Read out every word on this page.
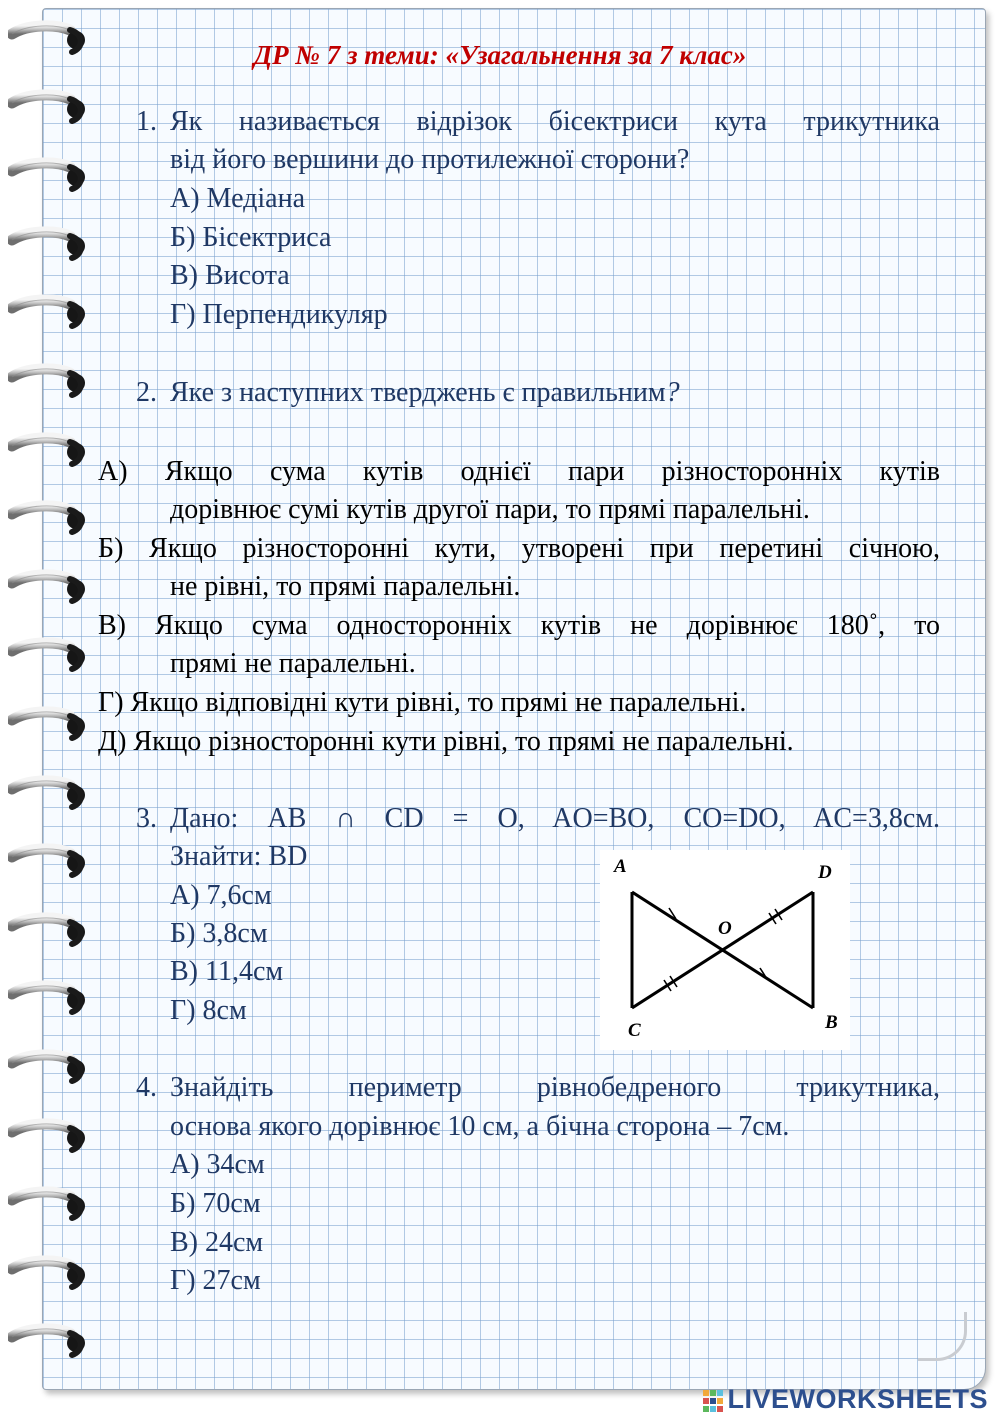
ДР № 7 з теми: «Узагальнення за 7 клас»
1. Як називається відрізок бісектриси кута трикутника
від його вершини до протилежної сторони?
А) Медіана
Б) Бісектриса
В) Висота
Г) Перпендикуляр
2. Яке з наступних тверджень є правильним?
А) Якщо сума кутів однієї пари різносторонніх кутів
дорівнює сумі кутів другої пари, то прямі паралельні.
Б) Якщо різносторонні кути, утворені при перетині січною,
не рівні, то прямі паралельні.
В) Якщо сума односторонніх кутів не дорівнює 180˚, то
прямі не паралельні.
Г) Якщо відповідні кути рівні, то прямі не паралельні.
Д) Якщо різносторонні кути рівні, то прямі не паралельні.
3. Дано: АВ ∩ CD = O, AO=BO, CO=DO, AC=3,8см.
Знайти: ВD
А) 7,6см
Б) 3,8см
В) 11,4см
Г) 8см
A	D
O
C	B
4. Знайдіть периметр рівнобедреного трикутника,
основа якого дорівнює 10 см, а бічна сторона – 7см.
А) 34см
Б) 70см
В) 24см
Г) 27см
LIVEWORKSHEETS
